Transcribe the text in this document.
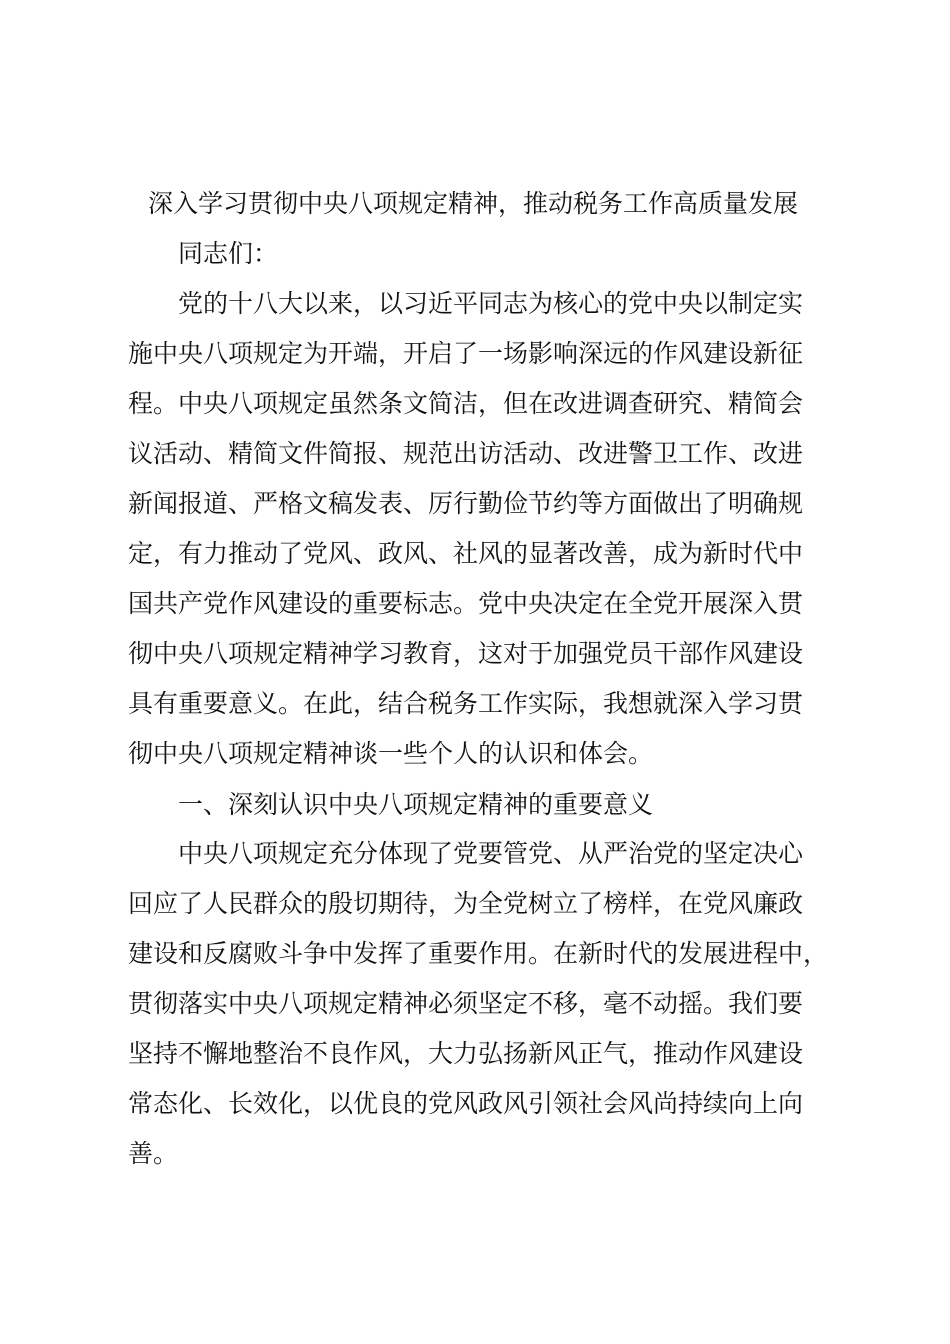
深入学习贯彻中央八项规定精神，推动税务工作高质量发展
同志们：
党的十八大以来，以习近平同志为核心的党中央以制定实
施中央八项规定为开端，开启了一场影响深远的作风建设新征
程。中央八项规定虽然条文简洁，但在改进调查研究、精简会
议活动、精简文件简报、规范出访活动、改进警卫工作、改进
新闻报道、严格文稿发表、厉行勤俭节约等方面做出了明确规
定，有力推动了党风、政风、社风的显著改善，成为新时代中
国共产党作风建设的重要标志。党中央决定在全党开展深入贯
彻中央八项规定精神学习教育，这对于加强党员干部作风建设
具有重要意义。在此，结合税务工作实际，我想就深入学习贯
彻中央八项规定精神谈一些个人的认识和体会。
一、深刻认识中央八项规定精神的重要意义
中央八项规定充分体现了党要管党、从严治党的坚定决心
回应了人民群众的殷切期待，为全党树立了榜样，在党风廉政
建设和反腐败斗争中发挥了重要作用。在新时代的发展进程中，
贯彻落实中央八项规定精神必须坚定不移，毫不动摇。我们要
坚持不懈地整治不良作风，大力弘扬新风正气，推动作风建设
常态化、长效化，以优良的党风政风引领社会风尚持续向上向
善。
